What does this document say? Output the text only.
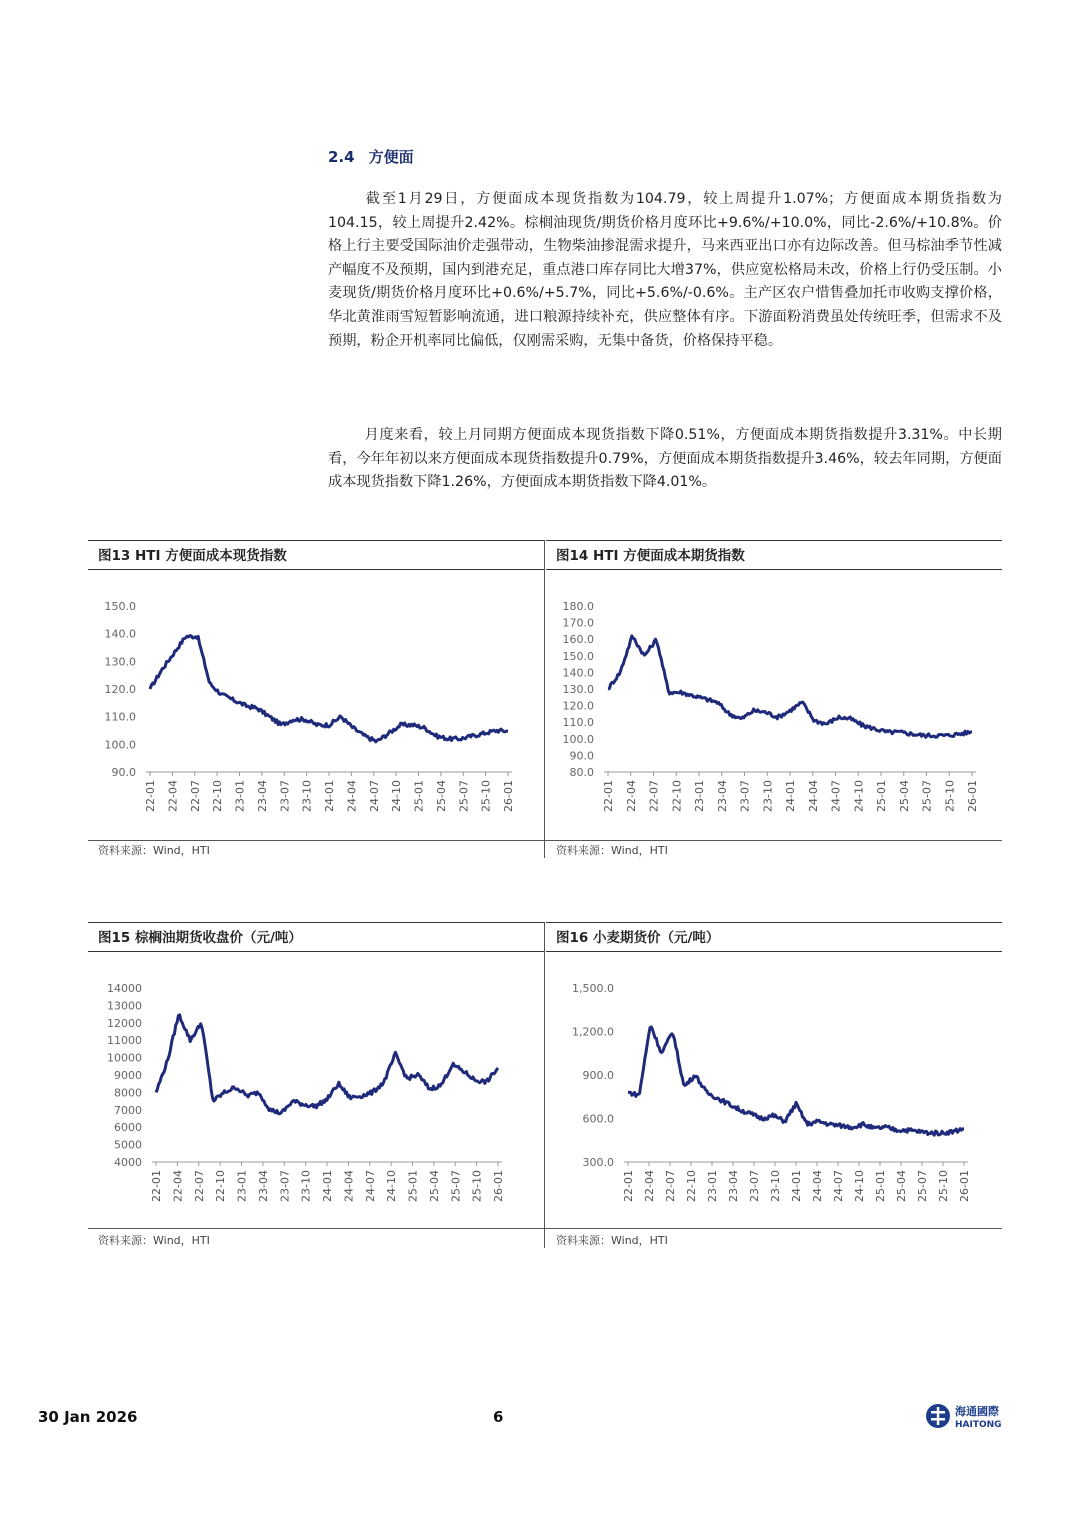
2.4 方便面

截至1月29日，方便面成本现货指数为104.79，较上周提升1.07%；方便面成本期货指数为104.15，较上周提升2.42%。棕榈油现货/期货价格月度环比+9.6%/+10.0%，同比-2.6%/+10.8%。价格上行主要受国际油价走强带动，生物柴油掺混需求提升，马来西亚出口亦有边际改善。但马棕油季节性减产幅度不及预期，国内到港充足，重点港口库存同比大增37%，供应宽松格局未改，价格上行仍受压制。小麦现货/期货价格月度环比+0.6%/+5.7%，同比+5.6%/-0.6%。主产区农户惜售叠加托市收购支撑价格，华北黄淮雨雪短暂影响流通，进口粮源持续补充，供应整体有序。下游面粉消费虽处传统旺季，但需求不及预期，粉企开机率同比偏低，仅刚需采购，无集中备货，价格保持平稳。

月度来看，较上月同期方便面成本现货指数下降0.51%，方便面成本期货指数提升3.31%。中长期看，今年年初以来方便面成本现货指数提升0.79%，方便面成本期货指数提升3.46%，较去年同期，方便面成本现货指数下降1.26%，方便面成本期货指数下降4.01%。

图13 HTI 方便面成本现货指数
90.0
100.0
110.0
120.0
130.0
140.0
150.0
22-01 22-04 22-07 22-10 23-01 23-04 23-07 23-10 24-01 24-04 24-07 24-10 25-01 25-04 25-07 25-10 26-01
资料来源：Wind，HTI
图14 HTI 方便面成本期货指数
80.0
90.0
100.0
110.0
120.0
130.0
140.0
150.0
160.0
170.0
180.0
22-01 22-04 22-07 22-10 23-01 23-04 23-07 23-10 24-01 24-04 24-07 24-10 25-01 25-04 25-07 25-10 26-01
资料来源：Wind，HTI
图15 棕榈油期货收盘价（元/吨）
4000
5000
6000
7000
8000
9000
10000
11000
12000
13000
14000
22-01 22-04 22-07 22-10 23-01 23-04 23-07 23-10 24-01 24-04 24-07 24-10 25-01 25-04 25-07 25-10 26-01
资料来源：Wind，HTI
图16 小麦期货价（元/吨）
300.0
600.0
900.0
1,200.0
1,500.0
22-01 22-04 22-07 22-10 23-01 23-04 23-07 23-10 24-01 24-04 24-07 24-10 25-01 25-04 25-07 25-10 26-01
资料来源：Wind，HTI
30 Jan 2026	6	海通國際
HAITONG
